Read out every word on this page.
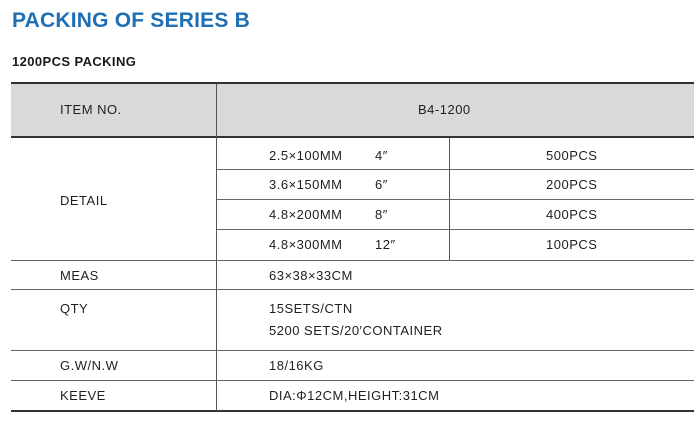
PACKING OF SERIES B
1200PCS PACKING
ITEM NO.	B4-1200
DETAIL
2.5×100MM 4″	500PCS
3.6×150MM 6″	200PCS
4.8×200MM 8″	400PCS
4.8×300MM 12″	100PCS
MEAS	63×38×33CM
QTY	15SETS/CTN
5200 SETS/20′CONTAINER
G.W/N.W	18/16KG
KEEVE	DIA:Φ12CM,HEIGHT:31CM
